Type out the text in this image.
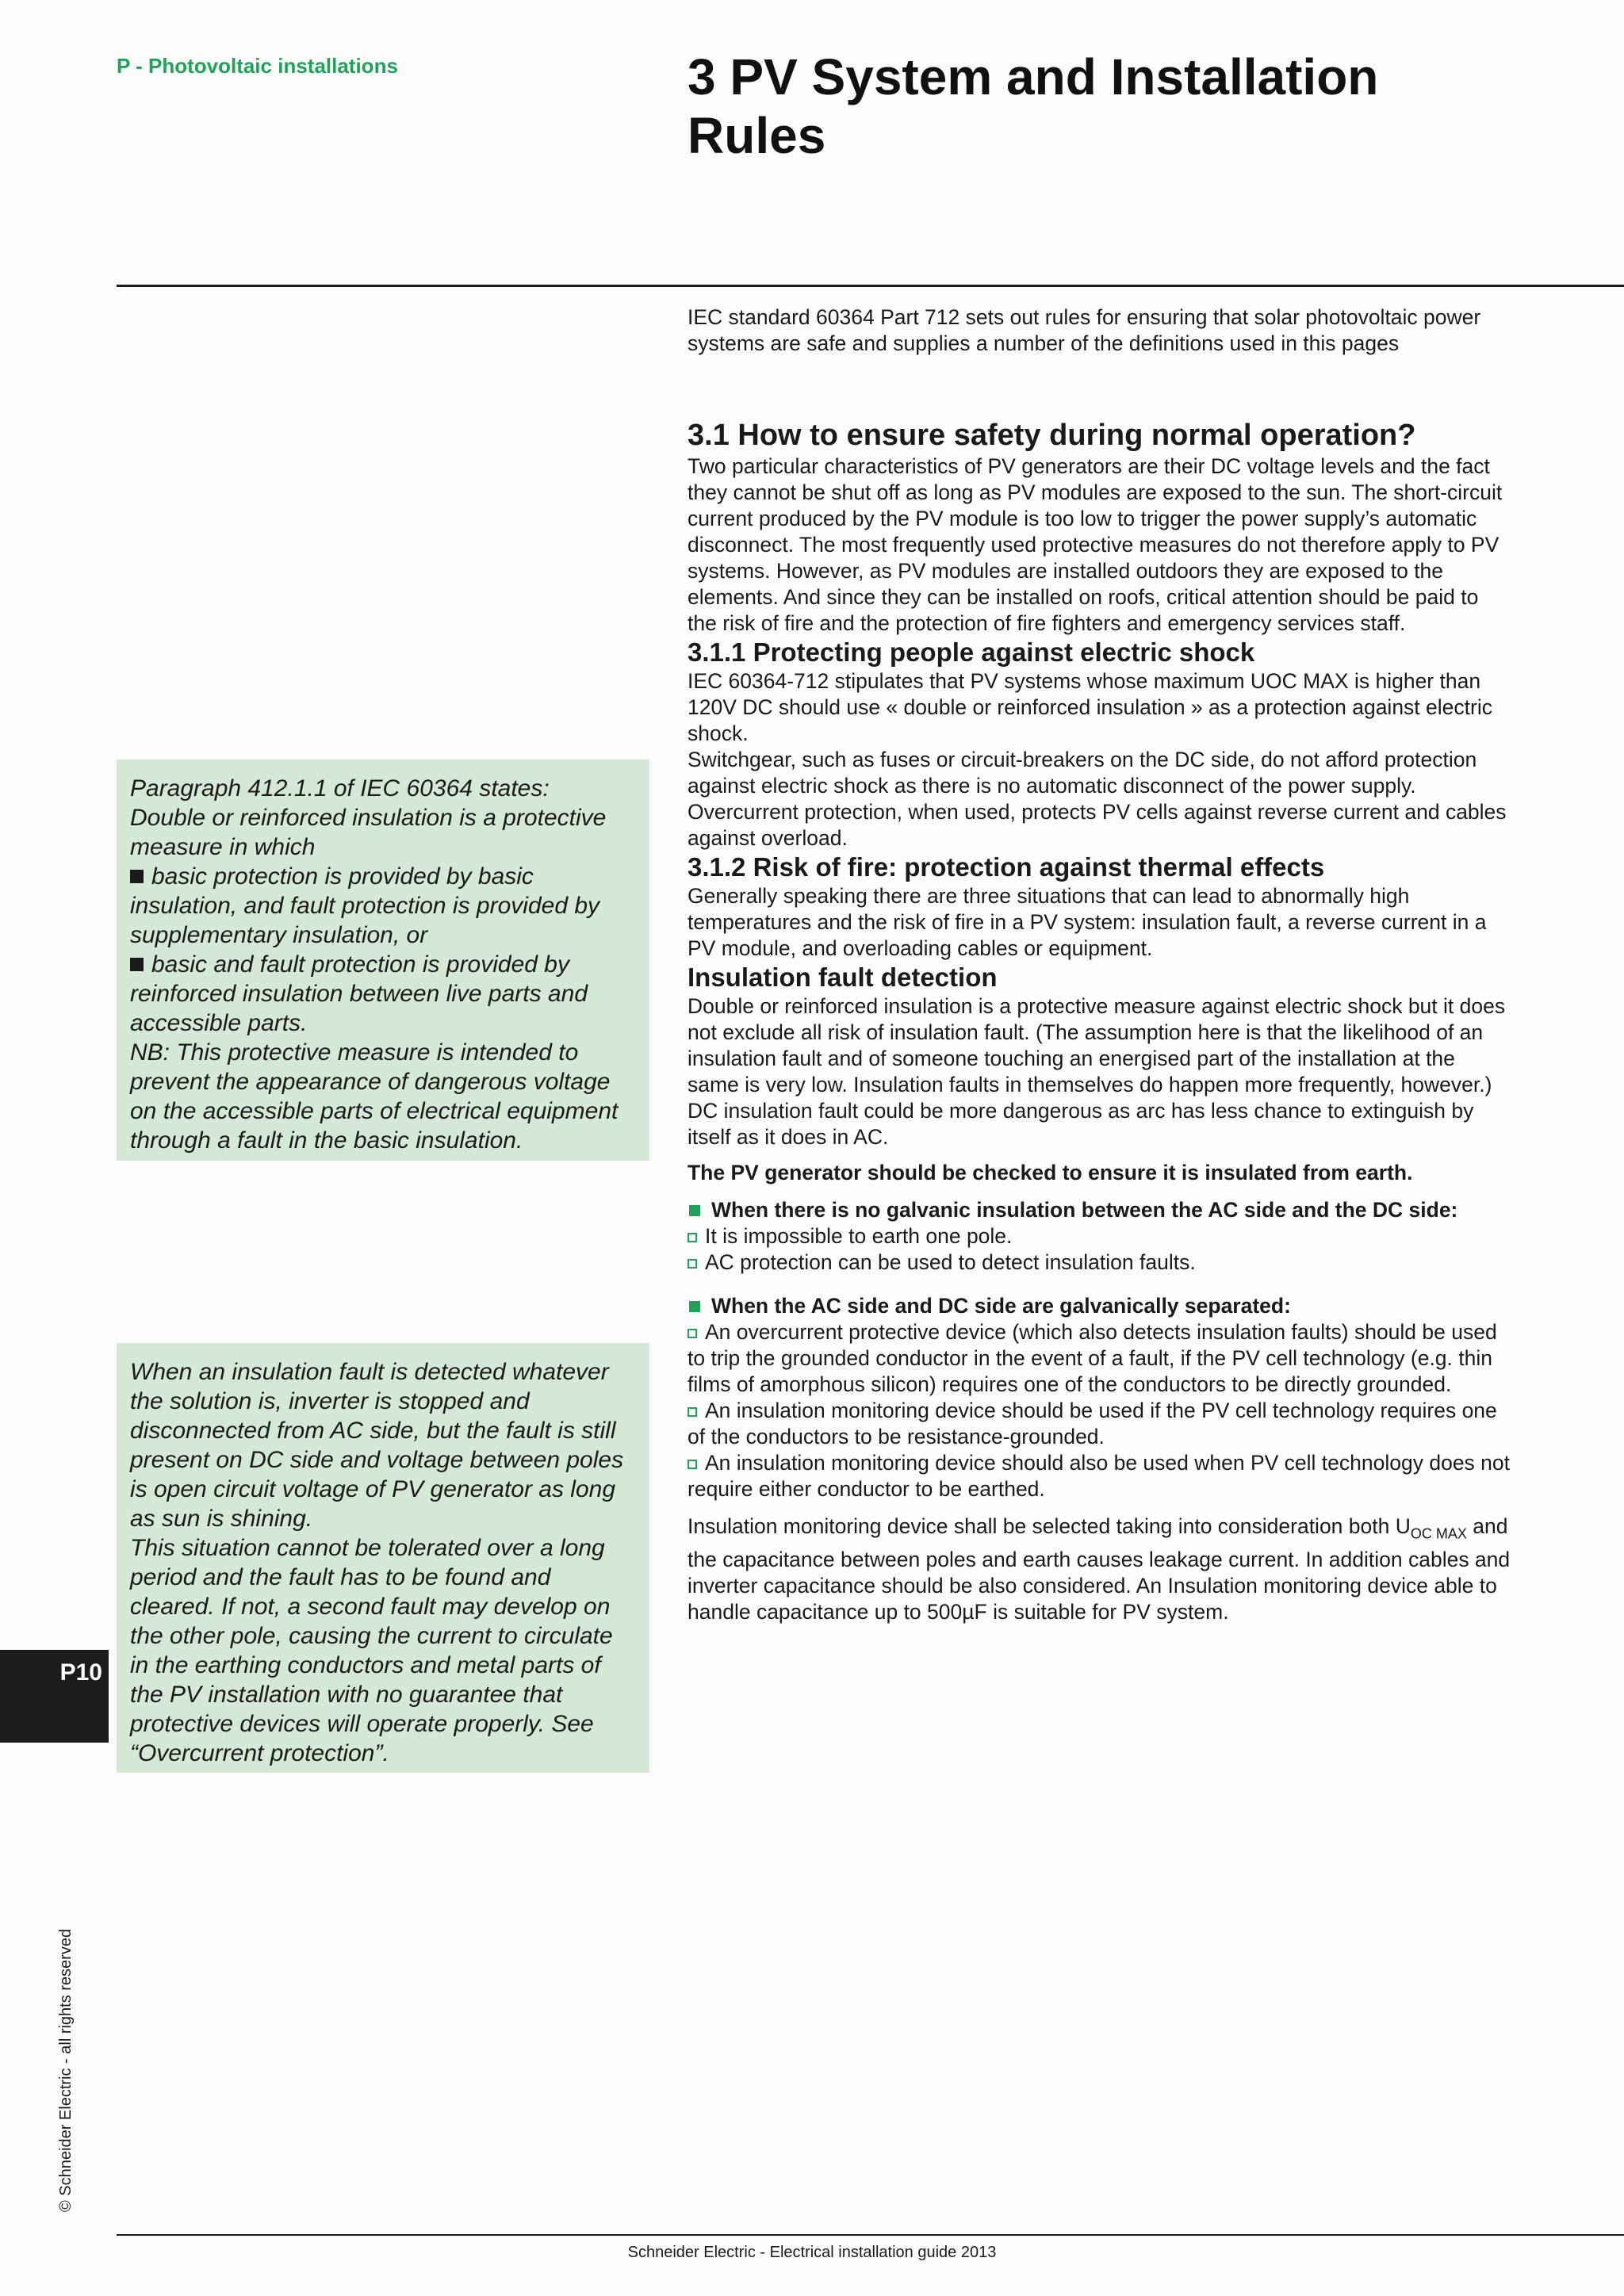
P - Photovoltaic installations	3 PV System and Installation Rules

IEC standard 60364 Part 712 sets out rules for ensuring that solar photovoltaic power systems are safe and supplies a number of the definitions used in this pages

3.1 How to ensure safety during normal operation?

Two particular characteristics of PV generators are their DC voltage levels and the fact they cannot be shut off as long as PV modules are exposed to the sun. The short-circuit current produced by the PV module is too low to trigger the power supply’s automatic disconnect. The most frequently used protective measures do not therefore apply to PV systems. However, as PV modules are installed outdoors they are exposed to the elements. And since they can be installed on roofs, critical attention should be paid to the risk of fire and the protection of fire fighters and emergency services staff.

3.1.1 Protecting people against electric shock

IEC 60364-712 stipulates that PV systems whose maximum UOC MAX is higher than 120V DC should use « double or reinforced insulation » as a protection against electric shock.

Switchgear, such as fuses or circuit-breakers on the DC side, do not afford protection against electric shock as there is no automatic disconnect of the power supply. Overcurrent protection, when used, protects PV cells against reverse current and cables against overload.

3.1.2 Risk of fire: protection against thermal effects

Generally speaking there are three situations that can lead to abnormally high temperatures and the risk of fire in a PV system: insulation fault, a reverse current in a PV module, and overloading cables or equipment.

Insulation fault detection

Double or reinforced insulation is a protective measure against electric shock but it does not exclude all risk of insulation fault. (The assumption here is that the likelihood of an insulation fault and of someone touching an energised part of the installation at the same is very low. Insulation faults in themselves do happen more frequently, however.) DC insulation fault could be more dangerous as arc has less chance to extinguish by itself as it does in AC.

The PV generator should be checked to ensure it is insulated from earth.

When there is no galvanic insulation between the AC side and the DC side:

It is impossible to earth one pole.

AC protection can be used to detect insulation faults.

When the AC side and DC side are galvanically separated:

An overcurrent protective device (which also detects insulation faults) should be used to trip the grounded conductor in the event of a fault, if the PV cell technology (e.g. thin films of amorphous silicon) requires one of the conductors to be directly grounded.

An insulation monitoring device should be used if the PV cell technology requires one of the conductors to be resistance-grounded.

An insulation monitoring device should also be used when PV cell technology does not require either conductor to be earthed.

Insulation monitoring device shall be selected taking into consideration both $U_{OC MAX}$ and the capacitance between poles and earth causes leakage current. In addition cables and inverter capacitance should be also considered. An Insulation monitoring device able to handle capacitance up to 500µF is suitable for PV system.

Paragraph 412.1.1 of IEC 60364 states:

Double or reinforced insulation is a protective measure in which

basic protection is provided by basic insulation, and fault protection is provided by supplementary insulation, or

basic and fault protection is provided by reinforced insulation between live parts and accessible parts.

NB: This protective measure is intended to prevent the appearance of dangerous voltage on the accessible parts of electrical equipment through a fault in the basic insulation.

When an insulation fault is detected whatever the solution is, inverter is stopped and disconnected from AC side, but the fault is still present on DC side and voltage between poles is open circuit voltage of PV generator as long as sun is shining.

This situation cannot be tolerated over a long period and the fault has to be found and cleared. If not, a second fault may develop on the other pole, causing the current to circulate in the earthing conductors and metal parts of the PV installation with no guarantee that protective devices will operate properly. See “Overcurrent protection”.

P10
© Schneider Electric - all rights reserved
Schneider Electric - Electrical installation guide 2013
